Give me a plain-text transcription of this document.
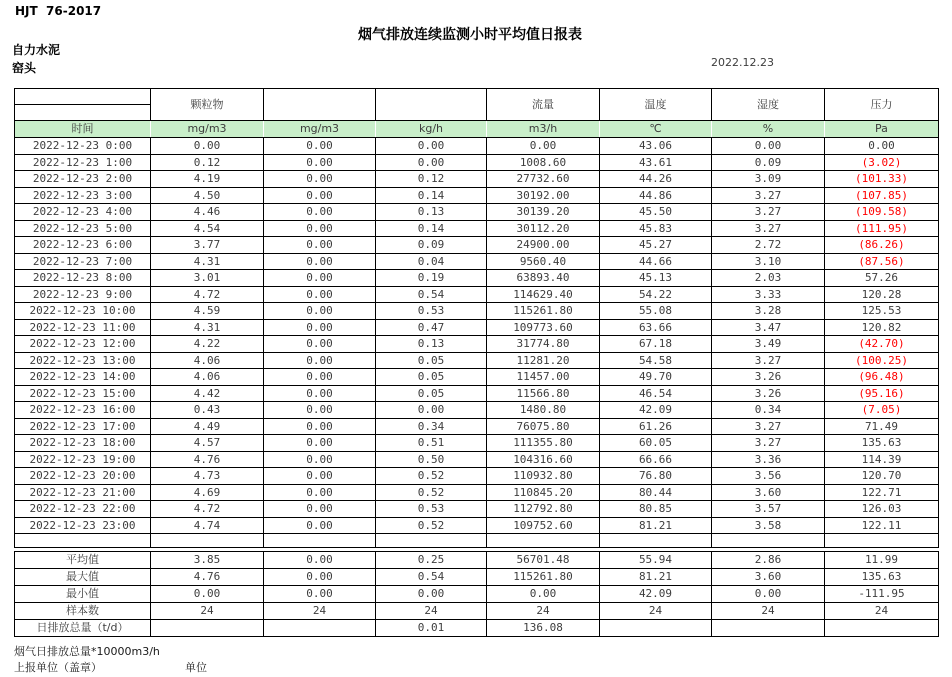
HJT  76-2017
烟气排放连续监测小时平均值日报表
自力水泥
窑头	2022.12.23
	颗粒物			流量	温度	湿度	压力

时间	mg/m3	mg/m3	kg/h	m3/h	℃	%	Pa
2022-12-23 0:00	0.00	0.00	0.00	0.00	43.06	0.00	0.00
2022-12-23 1:00	0.12	0.00	0.00	1008.60	43.61	0.09	(3.02)
2022-12-23 2:00	4.19	0.00	0.12	27732.60	44.26	3.09	(101.33)
2022-12-23 3:00	4.50	0.00	0.14	30192.00	44.86	3.27	(107.85)
2022-12-23 4:00	4.46	0.00	0.13	30139.20	45.50	3.27	(109.58)
2022-12-23 5:00	4.54	0.00	0.14	30112.20	45.83	3.27	(111.95)
2022-12-23 6:00	3.77	0.00	0.09	24900.00	45.27	2.72	(86.26)
2022-12-23 7:00	4.31	0.00	0.04	9560.40	44.66	3.10	(87.56)
2022-12-23 8:00	3.01	0.00	0.19	63893.40	45.13	2.03	57.26
2022-12-23 9:00	4.72	0.00	0.54	114629.40	54.22	3.33	120.28
2022-12-23 10:00	4.59	0.00	0.53	115261.80	55.08	3.28	125.53
2022-12-23 11:00	4.31	0.00	0.47	109773.60	63.66	3.47	120.82
2022-12-23 12:00	4.22	0.00	0.13	31774.80	67.18	3.49	(42.70)
2022-12-23 13:00	4.06	0.00	0.05	11281.20	54.58	3.27	(100.25)
2022-12-23 14:00	4.06	0.00	0.05	11457.00	49.70	3.26	(96.48)
2022-12-23 15:00	4.42	0.00	0.05	11566.80	46.54	3.26	(95.16)
2022-12-23 16:00	0.43	0.00	0.00	1480.80	42.09	0.34	(7.05)
2022-12-23 17:00	4.49	0.00	0.34	76075.80	61.26	3.27	71.49
2022-12-23 18:00	4.57	0.00	0.51	111355.80	60.05	3.27	135.63
2022-12-23 19:00	4.76	0.00	0.50	104316.60	66.66	3.36	114.39
2022-12-23 20:00	4.73	0.00	0.52	110932.80	76.80	3.56	120.70
2022-12-23 21:00	4.69	0.00	0.52	110845.20	80.44	3.60	122.71
2022-12-23 22:00	4.72	0.00	0.53	112792.80	80.85	3.57	126.03
2022-12-23 23:00	4.74	0.00	0.52	109752.60	81.21	3.58	122.11

平均值	3.85	0.00	0.25	56701.48	55.94	2.86	11.99
最大值	4.76	0.00	0.54	115261.80	81.21	3.60	135.63
最小值	0.00	0.00	0.00	0.00	42.09	0.00	-111.95
样本数	24	24	24	24	24	24	24
日排放总量（t/d）			0.01	136.08			
烟气日排放总量*10000m3/h
上报单位（盖章）	单位
